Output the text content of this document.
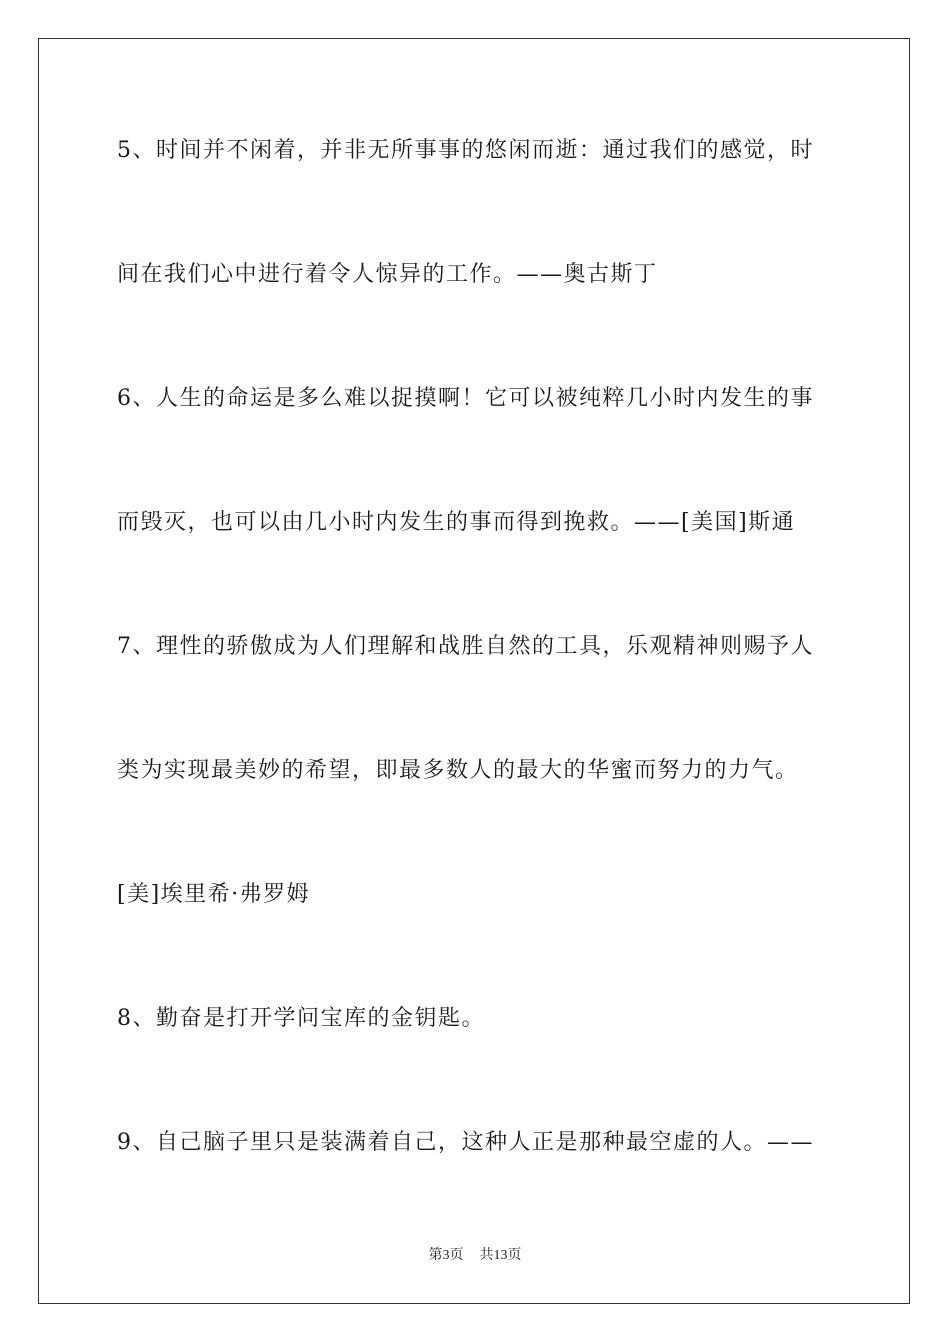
5、时间并不闲着，并非无所事事的悠闲而逝：通过我们的感觉，时
间在我们心中进行着令人惊异的工作。——奥古斯丁
6、人生的命运是多么难以捉摸啊！它可以被纯粹几小时内发生的事
而毁灭，也可以由几小时内发生的事而得到挽救。——[美国]斯通
7、理性的骄傲成为人们理解和战胜自然的工具，乐观精神则赐予人
类为实现最美妙的希望，即最多数人的最大的华蜜而努力的力气。
[美]埃里希·弗罗姆
8、勤奋是打开学问宝库的金钥匙。
9、自己脑子里只是装满着自己，这种人正是那种最空虚的人。——
第3页 共13页
